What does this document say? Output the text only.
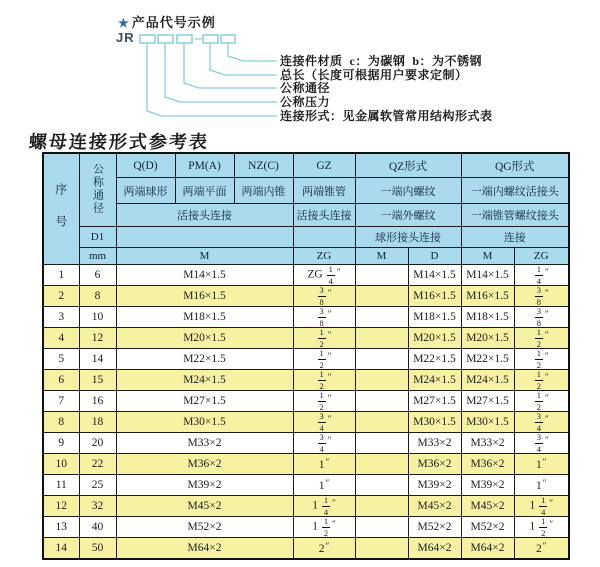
★ 产品代号示例
JR
连接件材质  c：为碳钢  b：为不锈钢
总长（长度可根据用户要求定制）
公称通径
公称压力
连接形式：见金属软管常用结构形式表
螺母连接形式参考表
序号	公称通径	Q(D)	PM(A)	NZ(C)	GZ	QZ形式		QG形式	
		两端球形	两端平面	两端内锥	两端锥管	一端内螺纹		一端内螺纹活接头	
		活接头连接			活接头连接	一端外螺纹		一端锥管螺纹接头	
	D1					球形接头连接		连接	
	mm	M			ZG	M	D	M	ZG
1	6	M14×1.5			ZG $\frac{1}{4} ''$		M14×1.5	M14×1.5	$\frac{1}{4} ''$
2	8	M16×1.5			$\frac{3}{8} ''$		M16×1.5	M16×1.5	$\frac{3}{8} ''$
3	10	M18×1.5			$\frac{3}{8} ''$		M18×1.5	M18×1.5	$\frac{3}{8} ''$
4	12	M20×1.5			$\frac{1}{2} ''$		M20×1.5	M20×1.5	$\frac{1}{2} ''$
5	14	M22×1.5			$\frac{1}{2} ''$		M22×1.5	M22×1.5	$\frac{1}{2} ''$
6	15	M24×1.5			$\frac{1}{2} ''$		M24×1.5	M24×1.5	$\frac{1}{2} ''$
7	16	M27×1.5			$\frac{1}{2} ''$		M27×1.5	M27×1.5	$\frac{1}{2} ''$
8	18	M30×1.5			$\frac{3}{4} ''$		M30×1.5	M30×1.5	$\frac{3}{4} ''$
9	20	M33×2			$\frac{3}{4} ''$		M33×2	M33×2	$\frac{3}{4} ''$
10	22	M36×2			1″		M36×2	M36×2	1″
11	25	M39×2			1″		M39×2	M39×2	1″
12	32	M45×2			$1 \frac{1}{4} ''$		M45×2	M45×2	$1 \frac{1}{4} ''$
13	40	M52×2			$1 \frac{1}{2} ''$		M52×2	M52×2	$1 \frac{1}{2} ''$
14	50	M64×2			2″		M64×2	M64×2	2″
